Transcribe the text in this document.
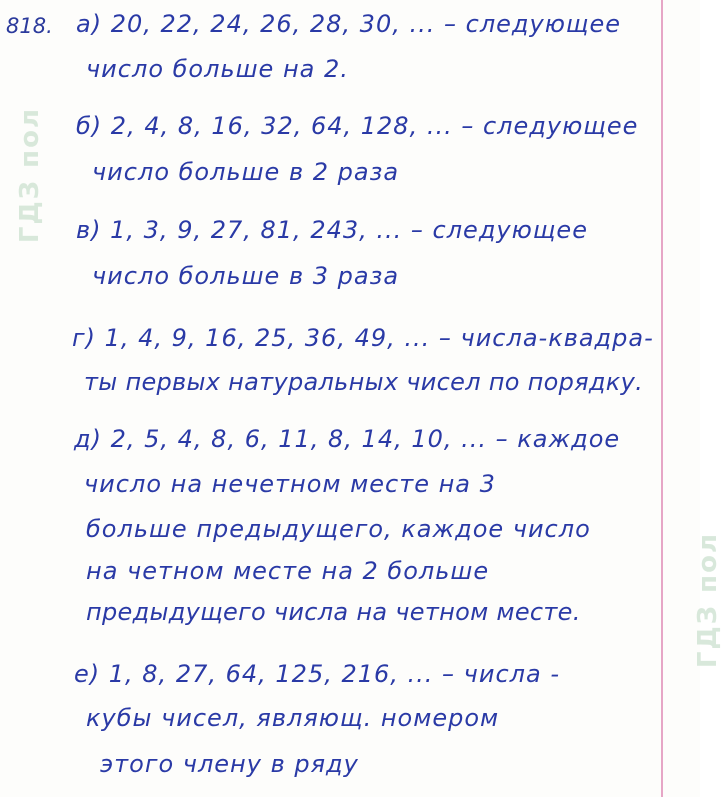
ГДЗ пол
ГДЗ пол
818. а) 20, 22, 24, 26, 28, 30, ... – следующее
число больше на 2.
б) 2, 4, 8, 16, 32, 64, 128, ... – следующее
число больше в 2 раза
в) 1, 3, 9, 27, 81, 243, ... – следующее
число больше в 3 раза
г) 1, 4, 9, 16, 25, 36, 49, ... – числа-квадра-
ты первых натуральных чисел по порядку.
д) 2, 5, 4, 8, 6, 11, 8, 14, 10, ... – каждое
число на нечетном месте на 3
больше предыдущего, каждое число
на четном месте на 2 больше
предыдущего числа на четном месте.
е) 1, 8, 27, 64, 125, 216, ... – числа -
кубы чисел, являющ. номером
этого члену в ряду
